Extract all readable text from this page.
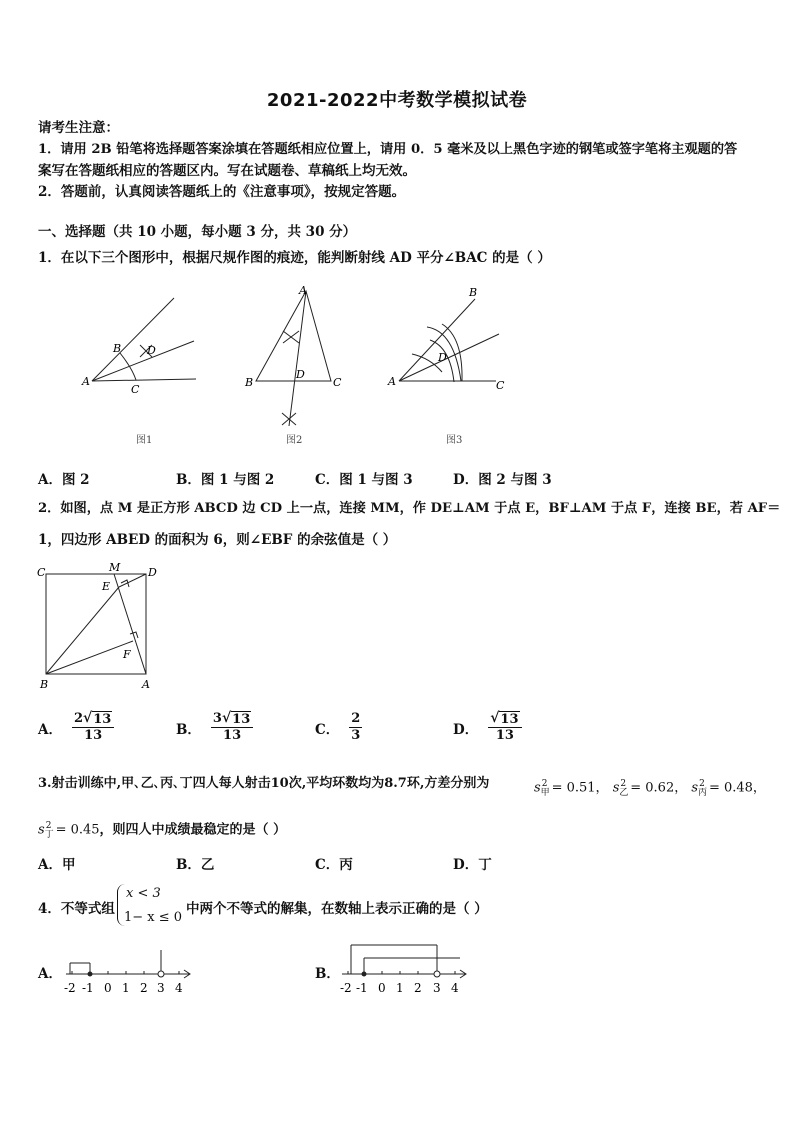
2021-2022中考数学模拟试卷
请考生注意：
1．请用 2B 铅笔将选择题答案涂填在答题纸相应位置上，请用 0．5 毫米及以上黑色字迹的钢笔或签字笔将主观题的答
案写在答题纸相应的答题区内。写在试题卷、草稿纸上均无效。
2．答题前，认真阅读答题纸上的《注意事项》，按规定答题。
一、选择题（共 10 小题，每小题 3 分，共 30 分）
1．在以下三个图形中，根据尺规作图的痕迹，能判断射线 AD 平分∠BAC 的是（ ）
A
B
C
D
图1
A
B	C
D
图2
A
B
C
D
图3
A．图 2	B．图 1 与图 2	C．图 1 与图 3	D．图 2 与图 3
2．如图，点 M 是正方形 ABCD 边 CD 上一点，连接 MM，作 DE⊥AM 于点 E，BF⊥AM 于点 F，连接 BE，若 AF＝
1，四边形 ABED 的面积为 6，则∠EBF 的余弦值是（ ）
C	M	D
E
F
B	A
A． $\frac{2 √ 13}{13}$	B． $\frac{3 √ 13}{13}$	C． $\frac{2}{3}$	D． $\frac{√ 13}{13}$
3.射击训练中,甲､乙､丙､丁四人每人射击10次,平均环数均为8.7环,方差分别为	$s_甲^2 = 0.51$， $s_乙^2 = 0.62$， $s_丙^2 = 0.48$，
$s_丁^2 = 0.45$，则四人中成绩最稳定的是（ ）
A．甲	B．乙	C．丙	D．丁
4．不等式组
x < 3
1− x ≤ 0
中两个不等式的解集，在数轴上表示正确的是（ ）
A．
-2 -1 0 1 2 3 4
B．
-2 -1 0 1 2 3 4
